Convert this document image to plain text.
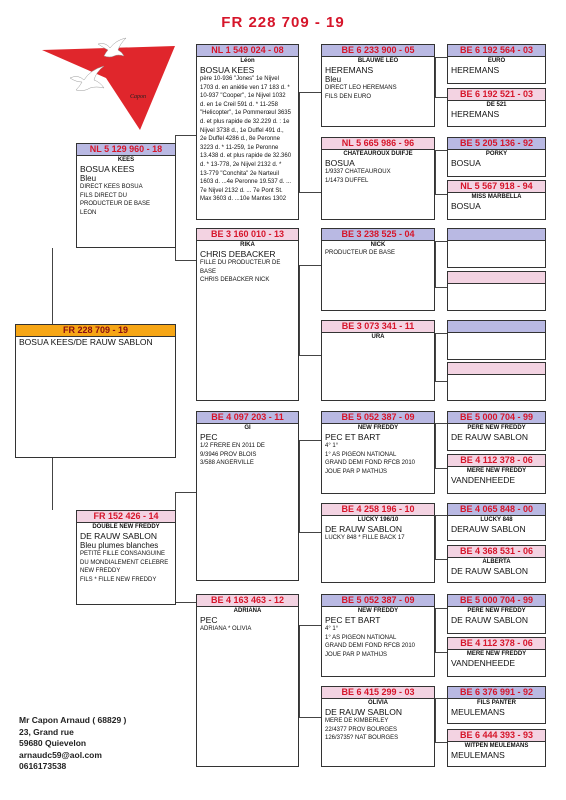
FR 228 709 - 19
Capon
FR 228 709 - 19
BOSUA KEES/DE RAUW SABLON
NL 5 129 960 - 18
KEES
BOSUA KEES
Bleu
DIRECT KEES BOSUA
FILS DIRECT DU
PRODUCTEUR DE BASE
LEON
FR 152 426 - 14
DOUBLE NEW FREDDY
DE RAUW SABLON
Bleu plumes blanches
PETITE FILLE CONSANGUINE
DU MONDIALEMENT CELEBRE
NEW FREDDY
FILS * FILLE NEW FREDDY
NL 1 549 024 - 08
Léon
BOSUA KEES
père 10-936 "Jones" 1e Nijvel
1703 d. en aniétie ven 17 183 d. *
10-937 "Cooper", 1e Nijvel 1032
d. en 1e Creil 591 d. * 11-258
"Helicopter", 1e Pommerœul 3635
d. et plus rapide de 32.229 d. : 1e
Nijvel 3738 d., 1e Duffel 491 d.,
2e Duffel 4286 d., 8e Peronne
3223 d. * 11-259, 1e Peronne
13.438 d. et plus rapide de 32.360
d. * 13-778, 2e Nijvel 2132 d. *
13-779 "Conchita" 2e Narteuil
1603 d. ...4e Peronne 19.537 d. ...
7e Nijvel 2132 d. ... 7e Pont St.
Max 3603 d. ...10e Mantes 1302
BE 3 160 010 - 13
RIKA
CHRIS DEBACKER
FILLE DU PRODUCTEUR DE
BASE
CHRIS DEBACKER NICK
BE 4 097 203 - 11
GI
PEC
1/2 FRERE EN 2011 DE
9/3946 PROV BLOIS
3/588 ANGERVILLE
BE 4 163 463 - 12
ADRIANA
PEC
ADRIANA * OLIVIA
BE 6 233 900 - 05
BLAUWE LEO
HEREMANS
Bleu
DIRECT LEO HEREMANS
FILS DEN EURO
NL 5 665 986 - 96
CHATEAUROUX DUIFJE
BOSUA
1/9337 CHATEAUROUX
1/1473 DUFFEL
BE 3 238 525 - 04
NICK
PRODUCTEUR DE BASE
BE 3 073 341 - 11
URA
BE 5 052 387 - 09
NEW FREDDY
PEC ET BART
4° 1°
1° AS PIGEON NATIONAL
GRAND DEMI FOND RFCB 2010
JOUE PAR P MATHIJS
BE 4 258 196 - 10
LUCKY 196/10
DE RAUW SABLON
LUCKY 848 * FILLE BACK 17
BE 5 052 387 - 09
NEW FREDDY
PEC ET BART
4° 1°
1° AS PIGEON NATIONAL
GRAND DEMI FOND RFCB 2010
JOUE PAR P MATHIJS
BE 6 415 299 - 03
OLIVIA
DE RAUW SABLON
MERE DE KIMBERLEY
22/4377 PROV BOURGES
126/3735? NAT BOURGES
BE 6 192 564 - 03
EURO
HEREMANS
BE 6 192 521 - 03
DE 521
HEREMANS
BE 5 205 136 - 92
PORKY
BOSUA
NL 5 567 918 - 94
MISS MARBELLA
BOSUA
BE 5 000 704 - 99
PERE NEW FREDDY
DE RAUW SABLON
BE 4 112 378 - 06
MERE NEW FREDDY
VANDENHEEDE
BE 4 065 848 - 00
LUCKY 848
DERAUW SABLON
BE 4 368 531 - 06
ALBERTA
DE RAUW SABLON
BE 5 000 704 - 99
PERE NEW FREDDY
DE RAUW SABLON
BE 4 112 378 - 06
MERE NEW FREDDY
VANDENHEEDE
BE 6 376 991 - 92
FILS PANTER
MEULEMANS
BE 6 444 393 - 93
WITPEN MEULEMANS
MEULEMANS
Mr Capon Arnaud ( 68829 )
23, Grand rue
59680 Quievelon
arnaudc59@aol.com
0616173538
